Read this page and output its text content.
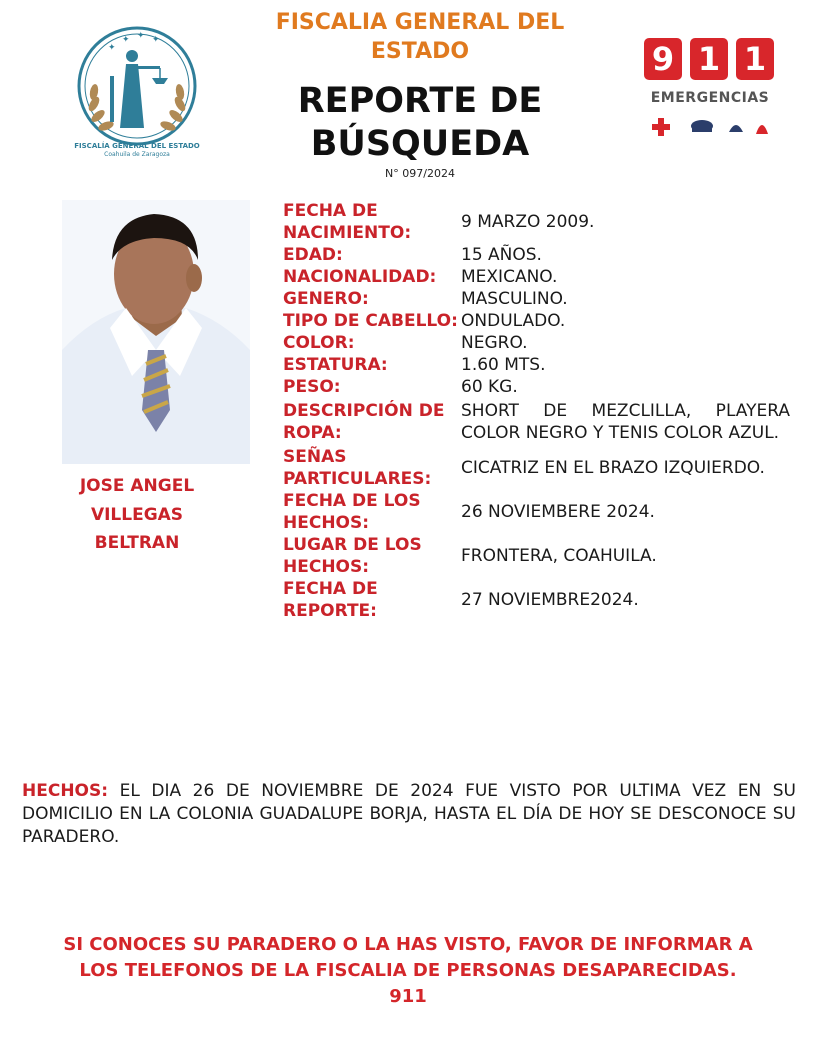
✦
✦ ✦ ✦
FISCALÍA GENERAL DEL ESTADO
Coahuila de Zaragoza
FISCALIA GENERAL DEL
ESTADO
REPORTE DE
BÚSQUEDA
N° 097/2024
9 1 1
EMERGENCIAS
JOSE ANGEL
VILLEGAS
BELTRAN
FECHA DE NACIMIENTO:	9 MARZO 2009.
EDAD:	15 AÑOS.
NACIONALIDAD:	MEXICANO.
GENERO:	MASCULINO.
TIPO DE CABELLO:	ONDULADO.
COLOR:	NEGRO.
ESTATURA:	1.60 MTS.
PESO:	60 KG.
DESCRIPCIÓN DE ROPA:	SHORT DE MEZCLILLA, PLAYERA COLOR NEGRO Y TENIS COLOR AZUL.
SEÑAS PARTICULARES:	CICATRIZ EN EL BRAZO IZQUIERDO.
FECHA DE LOS HECHOS:	26 NOVIEMBERE 2024.
LUGAR DE LOS HECHOS:	FRONTERA, COAHUILA.
FECHA DE REPORTE:	27 NOVIEMBRE2024.
HECHOS: EL DIA 26 DE NOVIEMBRE DE 2024 FUE VISTO POR ULTIMA VEZ EN SU DOMICILIO EN LA COLONIA GUADALUPE BORJA, HASTA EL DÍA DE HOY SE DESCONOCE SU PARADERO.
SI CONOCES SU PARADERO O LA HAS VISTO, FAVOR DE INFORMAR A
LOS TELEFONOS DE LA FISCALIA DE PERSONAS DESAPARECIDAS.
911
